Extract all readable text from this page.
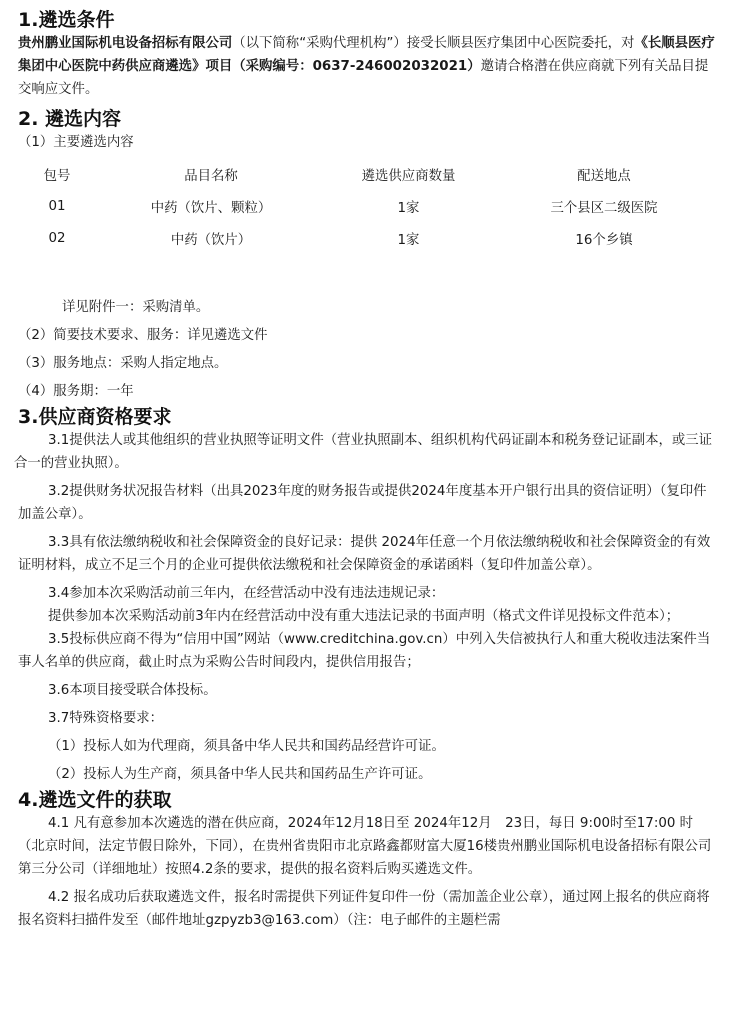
1.遴选条件

贵州鹏业国际机电设备招标有限公司（以下简称“采购代理机构”）接受长顺县医疗集团中心医院委托，对《长顺县医疗集团中心医院中药供应商遴选》项目（采购编号：0637-246002032021）邀请合格潜在供应商就下列有关品目提交响应文件。

2. 遴选内容

（1）主要遴选内容

包号	品目名称	遴选供应商数量	配送地点
01	中药（饮片、颗粒）	1家	三个县区二级医院
02	中药（饮片）	1家	16个乡镇

详见附件一：采购清单。

（2）简要技术要求、服务：详见遴选文件

（3）服务地点：采购人指定地点。

（4）服务期：一年

3.供应商资格要求

3.1提供法人或其他组织的营业执照等证明文件（营业执照副本、组织机构代码证副本和税务登记证副本，或三证合一的营业执照）。

3.2提供财务状况报告材料（出具2023年度的财务报告或提供2024年度基本开户银行出具的资信证明）（复印件加盖公章）。

3.3具有依法缴纳税收和社会保障资金的良好记录：提供 2024年任意一个月依法缴纳税收和社会保障资金的有效证明材料，成立不足三个月的企业可提供依法缴税和社会保障资金的承诺函料（复印件加盖公章）。

3.4参加本次采购活动前三年内，在经营活动中没有违法违规记录：

提供参加本次采购活动前3年内在经营活动中没有重大违法记录的书面声明（格式文件详见投标文件范本）；

3.5投标供应商不得为“信用中国”网站（www.creditchina.gov.cn）中列入失信被执行人和重大税收违法案件当事人名单的供应商，截止时点为采购公告时间段内，提供信用报告；

3.6本项目接受联合体投标。

3.7特殊资格要求：

（1）投标人如为代理商，须具备中华人民共和国药品经营许可证。

（2）投标人为生产商，须具备中华人民共和国药品生产许可证。

4.遴选文件的获取

4.1 凡有意参加本次遴选的潜在供应商，2024年12月18日至 2024年12月　23日，每日 9:00时至17:00 时（北京时间，法定节假日除外，下同），在贵州省贵阳市北京路鑫都财富大厦16楼贵州鹏业国际机电设备招标有限公司第三分公司（详细地址）按照4.2条的要求，提供的报名资料后购买遴选文件。

4.2 报名成功后获取遴选文件，报名时需提供下列证件复印件一份（需加盖企业公章），通过网上报名的供应商将报名资料扫描件发至（邮件地址gzpyzb3@163.com）（注：电子邮件的主题栏需
